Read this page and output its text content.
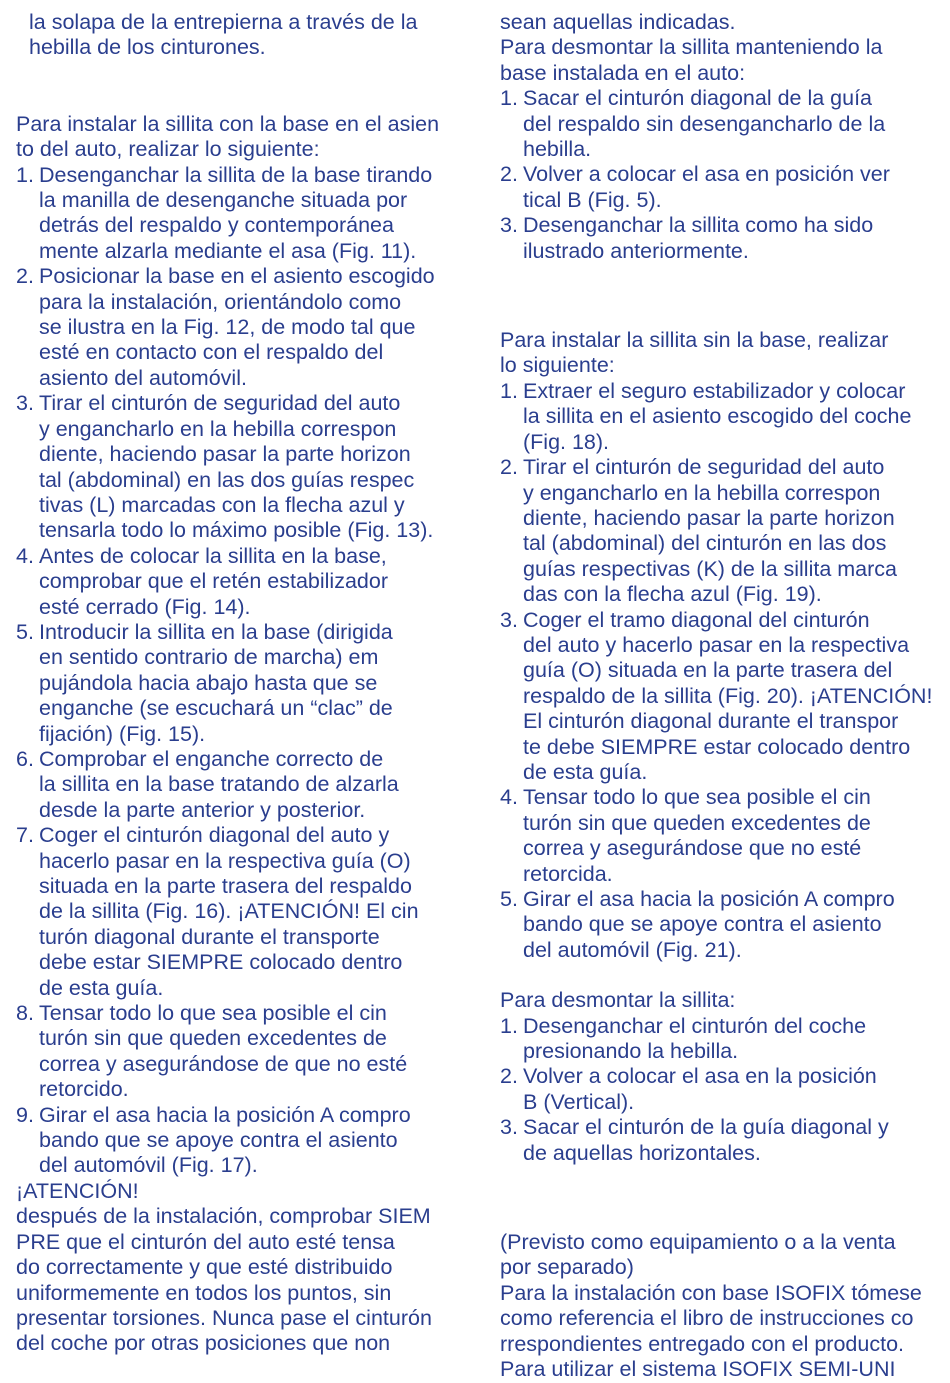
la solapa de la entrepierna a través de la
hebilla de los cinturones.
Para instalar la sillita con la base en el asien
to del auto, realizar lo siguiente:
1. Desenganchar la sillita de la base tirando
la manilla de desenganche situada por
detrás del respaldo y contemporánea
mente alzarla mediante el asa (Fig. 11).
2. Posicionar la base en el asiento escogido
para la instalación, orientándolo como
se ilustra en la Fig. 12, de modo tal que
esté en contacto con el respaldo del
asiento del automóvil.
3. Tirar el cinturón de seguridad del auto
y engancharlo en la hebilla correspon
diente, haciendo pasar la parte horizon
tal (abdominal) en las dos guías respec
tivas (L) marcadas con la flecha azul y
tensarla todo lo máximo posible (Fig. 13).
4. Antes de colocar la sillita en la base,
comprobar que el retén estabilizador
esté cerrado (Fig. 14).
5. Introducir la sillita en la base (dirigida
en sentido contrario de marcha) em
pujándola hacia abajo hasta que se
enganche (se escuchará un “clac” de
fijación) (Fig. 15).
6. Comprobar el enganche correcto de
la sillita en la base tratando de alzarla
desde la parte anterior y posterior.
7. Coger el cinturón diagonal del auto y
hacerlo pasar en la respectiva guía (O)
situada en la parte trasera del respaldo
de la sillita (Fig. 16). ¡ATENCIÓN! El cin
turón diagonal durante el transporte
debe estar SIEMPRE colocado dentro
de esta guía.
8. Tensar todo lo que sea posible el cin
turón sin que queden excedentes de
correa y asegurándose de que no esté
retorcido.
9. Girar el asa hacia la posición A compro
bando que se apoye contra el asiento
del automóvil (Fig. 17).
¡ATENCIÓN!
después de la instalación, comprobar SIEM
PRE que el cinturón del auto esté tensa
do correctamente y que esté distribuido
uniformemente en todos los puntos, sin
presentar torsiones. Nunca pase el cinturón
del coche por otras posiciones que non
sean aquellas indicadas.
Para desmontar la sillita manteniendo la
base instalada en el auto:
1. Sacar el cinturón diagonal de la guía
del respaldo sin desengancharlo de la
hebilla.
2. Volver a colocar el asa en posición ver
tical B (Fig. 5).
3. Desenganchar la sillita como ha sido
ilustrado anteriormente.
Para instalar la sillita sin la base, realizar
lo siguiente:
1. Extraer el seguro estabilizador y colocar
la sillita en el asiento escogido del coche
(Fig. 18).
2. Tirar el cinturón de seguridad del auto
y engancharlo en la hebilla correspon
diente, haciendo pasar la parte horizon
tal (abdominal) del cinturón en las dos
guías respectivas (K) de la sillita marca
das con la flecha azul (Fig. 19).
3. Coger el tramo diagonal del cinturón
del auto y hacerlo pasar en la respectiva
guía (O) situada en la parte trasera del
respaldo de la sillita (Fig. 20). ¡ATENCIÓN!
El cinturón diagonal durante el transpor
te debe SIEMPRE estar colocado dentro
de esta guía.
4. Tensar todo lo que sea posible el cin
turón sin que queden excedentes de
correa y asegurándose que no esté
retorcida.
5. Girar el asa hacia la posición A compro
bando que se apoye contra el asiento
del automóvil (Fig. 21).
Para desmontar la sillita:
1. Desenganchar el cinturón del coche
presionando la hebilla.
2. Volver a colocar el asa en la posición
B (Vertical).
3. Sacar el cinturón de la guía diagonal y
de aquellas horizontales.
(Previsto como equipamiento o a la venta
por separado)
Para la instalación con base ISOFIX tómese
como referencia el libro de instrucciones co
rrespondientes entregado con el producto.
Para utilizar el sistema ISOFIX SEMI-UNI
